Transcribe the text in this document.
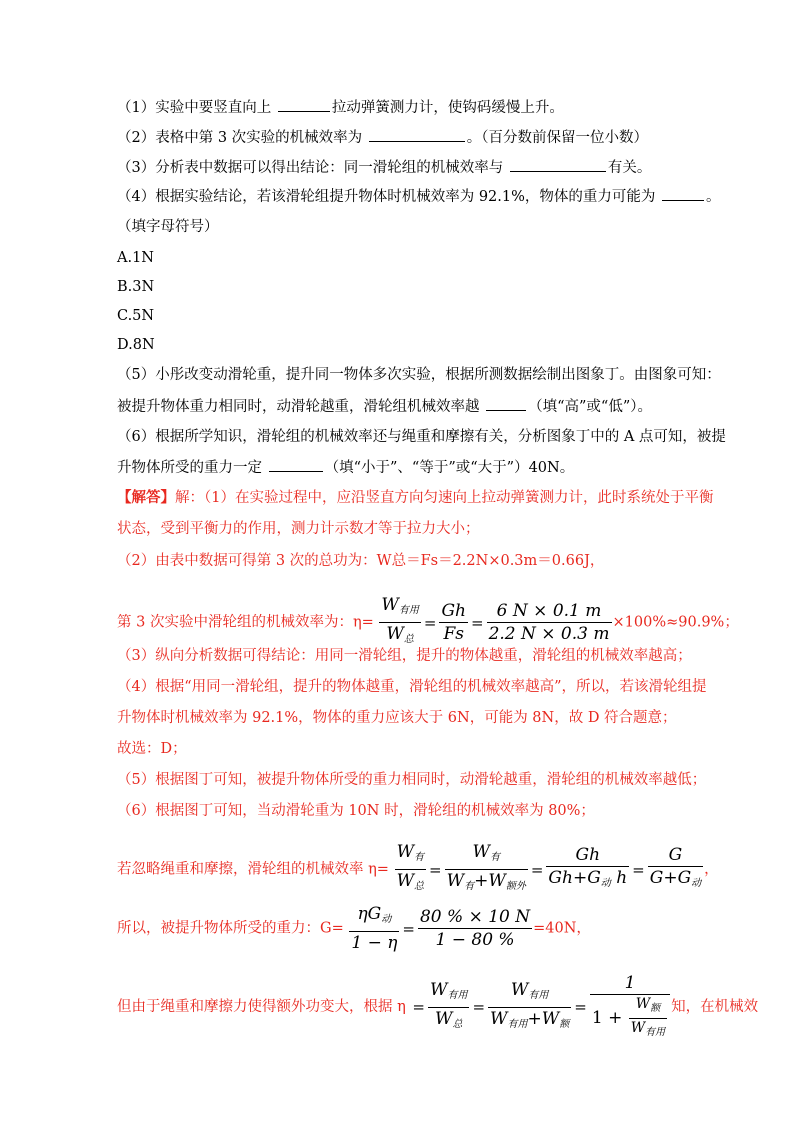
（1）实验中要竖直向上	拉动弹簧测力计，使钩码缓慢上升。
（2）表格中第 3 次实验的机械效率为	。（百分数前保留一位小数）
（3）分析表中数据可以得出结论：同一滑轮组的机械效率与	有关。
（4）根据实验结论，若该滑轮组提升物体时机械效率为 92.1%，物体的重力可能为	。
（填字母符号）
A.1N
B.3N
C.5N
D.8N
（5）小彤改变动滑轮重，提升同一物体多次实验，根据所测数据绘制出图象丁。由图象可知：
被提升物体重力相同时，动滑轮越重，滑轮组机械效率越	（填“高”或“低”）。
（6）根据所学知识，滑轮组的机械效率还与绳重和摩擦有关，分析图象丁中的 A 点可知，被提
升物体所受的重力一定	（填“小于”、“等于”或“大于”）40N。
【解答】解：（1）在实验过程中，应沿竖直方向匀速向上拉动弹簧测力计，此时系统处于平衡
状态，受到平衡力的作用，测力计示数才等于拉力大小；
（2）由表中数据可得第 3 次的总功为：W总＝Fs＝2.2N×0.3m＝0.66J，
第 3 次实验中滑轮组的机械效率为：$\eta= \frac{W_{有用}}{W_总} = \frac{Gh}{Fs} = \frac{6 N \times 0.1 m}{2.2 N \times 0.3 m} \times 100\%\approx 90.9\%$；
（3）纵向分析数据可得结论：用同一滑轮组，提升的物体越重，滑轮组的机械效率越高；
（4）根据“用同一滑轮组，提升的物体越重，滑轮组的机械效率越高”，所以，若该滑轮组提
升物体时机械效率为 92.1%，物体的重力应该大于 6N，可能为 8N，故 D 符合题意；
故选：D；
（5）根据图丁可知，被提升物体所受的重力相同时，动滑轮越重，滑轮组的机械效率越低；
（6）根据图丁可知，当动滑轮重为 10N 时，滑轮组的机械效率为 80%；
若忽略绳重和摩擦，滑轮组的机械效率 $\eta= \frac{W_有}{W_总} = \frac{W_有}{W_有+W_{额外}} = \frac{Gh}{Gh+G_动 h} = \frac{G}{G+G_动}$ ，
所以，被提升物体所受的重力：$G= \frac{\eta G_动}{1 - \eta} = \frac{80 \% \times 10 N}{1 - 80 \%} =40N$，
但由于绳重和摩擦力使得额外功变大，根据 $\eta = \frac{W_{有用}}{W_总} = \frac{W_{有用}}{W_{有用}+W_额} = \frac{1}{1 + \frac{W_额}{W_{有用}}}$ 知，在机械效
